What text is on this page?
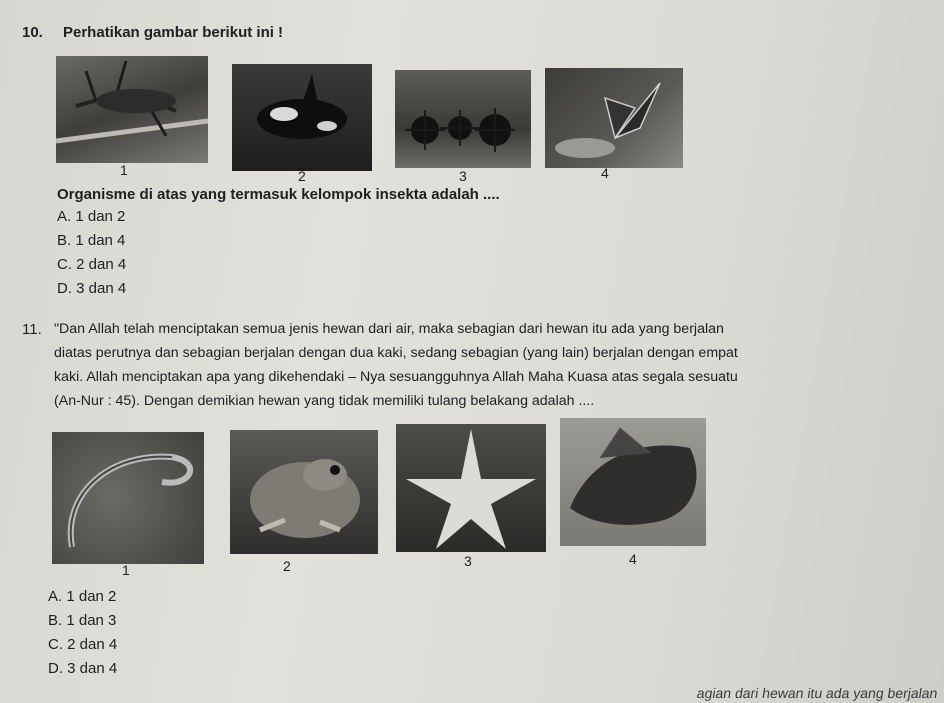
10. Perhatikan gambar berikut ini !
1	2	3	4
Organisme di atas yang termasuk kelompok insekta adalah ....
A. 1 dan 2
B. 1 dan 4
C. 2 dan 4
D. 3 dan 4
11. "Dan Allah telah menciptakan semua jenis hewan dari air, maka sebagian dari hewan itu ada yang berjalan
diatas perutnya dan sebagian berjalan dengan dua kaki, sedang sebagian (yang lain) berjalan dengan empat
kaki. Allah menciptakan apa yang dikehendaki – Nya sesuangguhnya Allah Maha Kuasa atas segala sesuatu
(An-Nur : 45). Dengan demikian hewan yang tidak memiliki tulang belakang adalah ....
1	2	3	4
A. 1 dan 2
B. 1 dan 3
C. 2 dan 4
D. 3 dan 4
agian dari hewan itu ada yang berjalan
